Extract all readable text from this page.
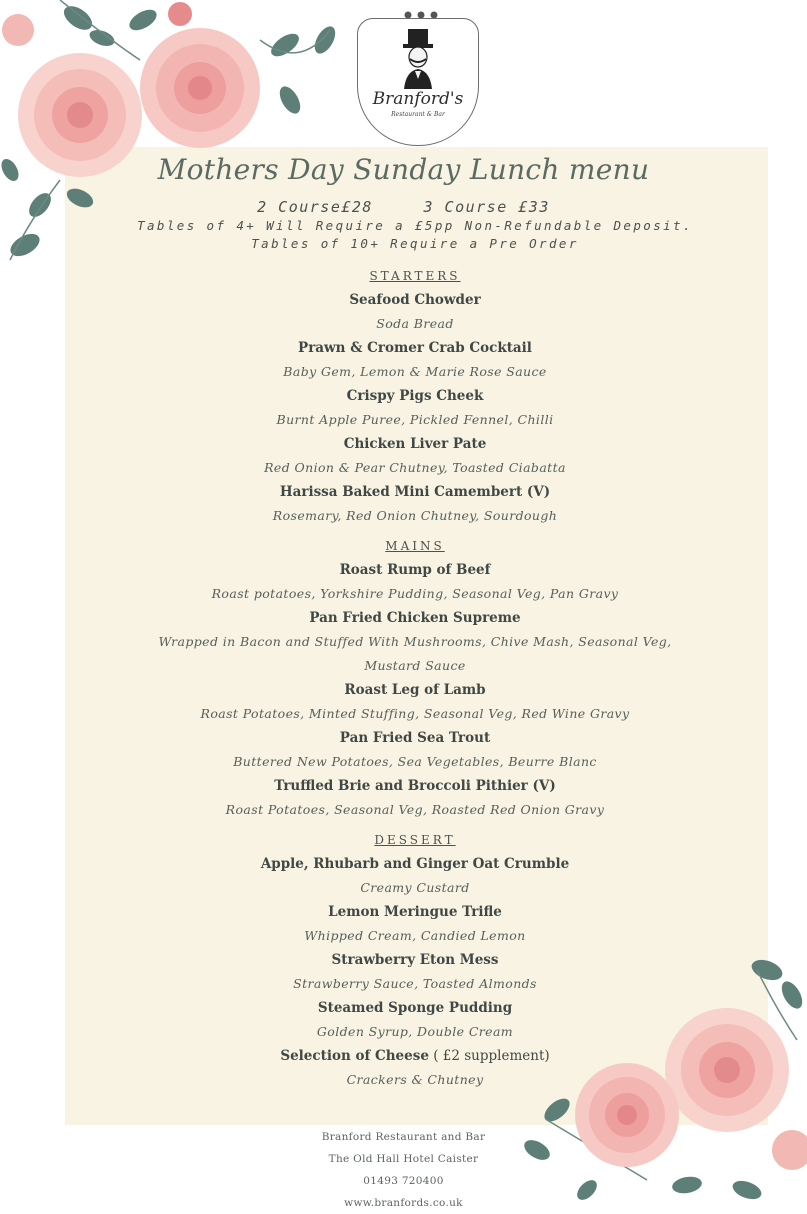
Branford's
Restaurant & Bar
Mothers Day Sunday Lunch menu
2 Course£28	3 Course £33
Tables of 4+ Will Require a £5pp Non-Refundable Deposit.
Tables of 10+ Require a Pre Order
STARTERS
Seafood Chowder
Soda Bread
Prawn & Cromer Crab Cocktail
Baby Gem, Lemon & Marie Rose Sauce
Crispy Pigs Cheek
Burnt Apple Puree, Pickled Fennel, Chilli
Chicken Liver Pate
Red Onion & Pear Chutney, Toasted Ciabatta
Harissa Baked Mini Camembert (V)
Rosemary, Red Onion Chutney, Sourdough
MAINS
Roast Rump of Beef
Roast potatoes, Yorkshire Pudding, Seasonal Veg, Pan Gravy
Pan Fried Chicken Supreme
Wrapped in Bacon and Stuffed With Mushrooms, Chive Mash, Seasonal Veg,
Mustard Sauce
Roast Leg of Lamb
Roast Potatoes, Minted Stuffing, Seasonal Veg, Red Wine Gravy
Pan Fried Sea Trout
Buttered New Potatoes, Sea Vegetables, Beurre Blanc
Truffled Brie and Broccoli Pithier (V)
Roast Potatoes, Seasonal Veg, Roasted Red Onion Gravy
DESSERT
Apple, Rhubarb and Ginger Oat Crumble
Creamy Custard
Lemon Meringue Trifle
Whipped Cream, Candied Lemon
Strawberry Eton Mess
Strawberry Sauce, Toasted Almonds
Steamed Sponge Pudding
Golden Syrup, Double Cream
Selection of Cheese ( £2 supplement)
Crackers & Chutney
Branford Restaurant and Bar
The Old Hall Hotel Caister
01493 720400
www.branfords.co.uk
